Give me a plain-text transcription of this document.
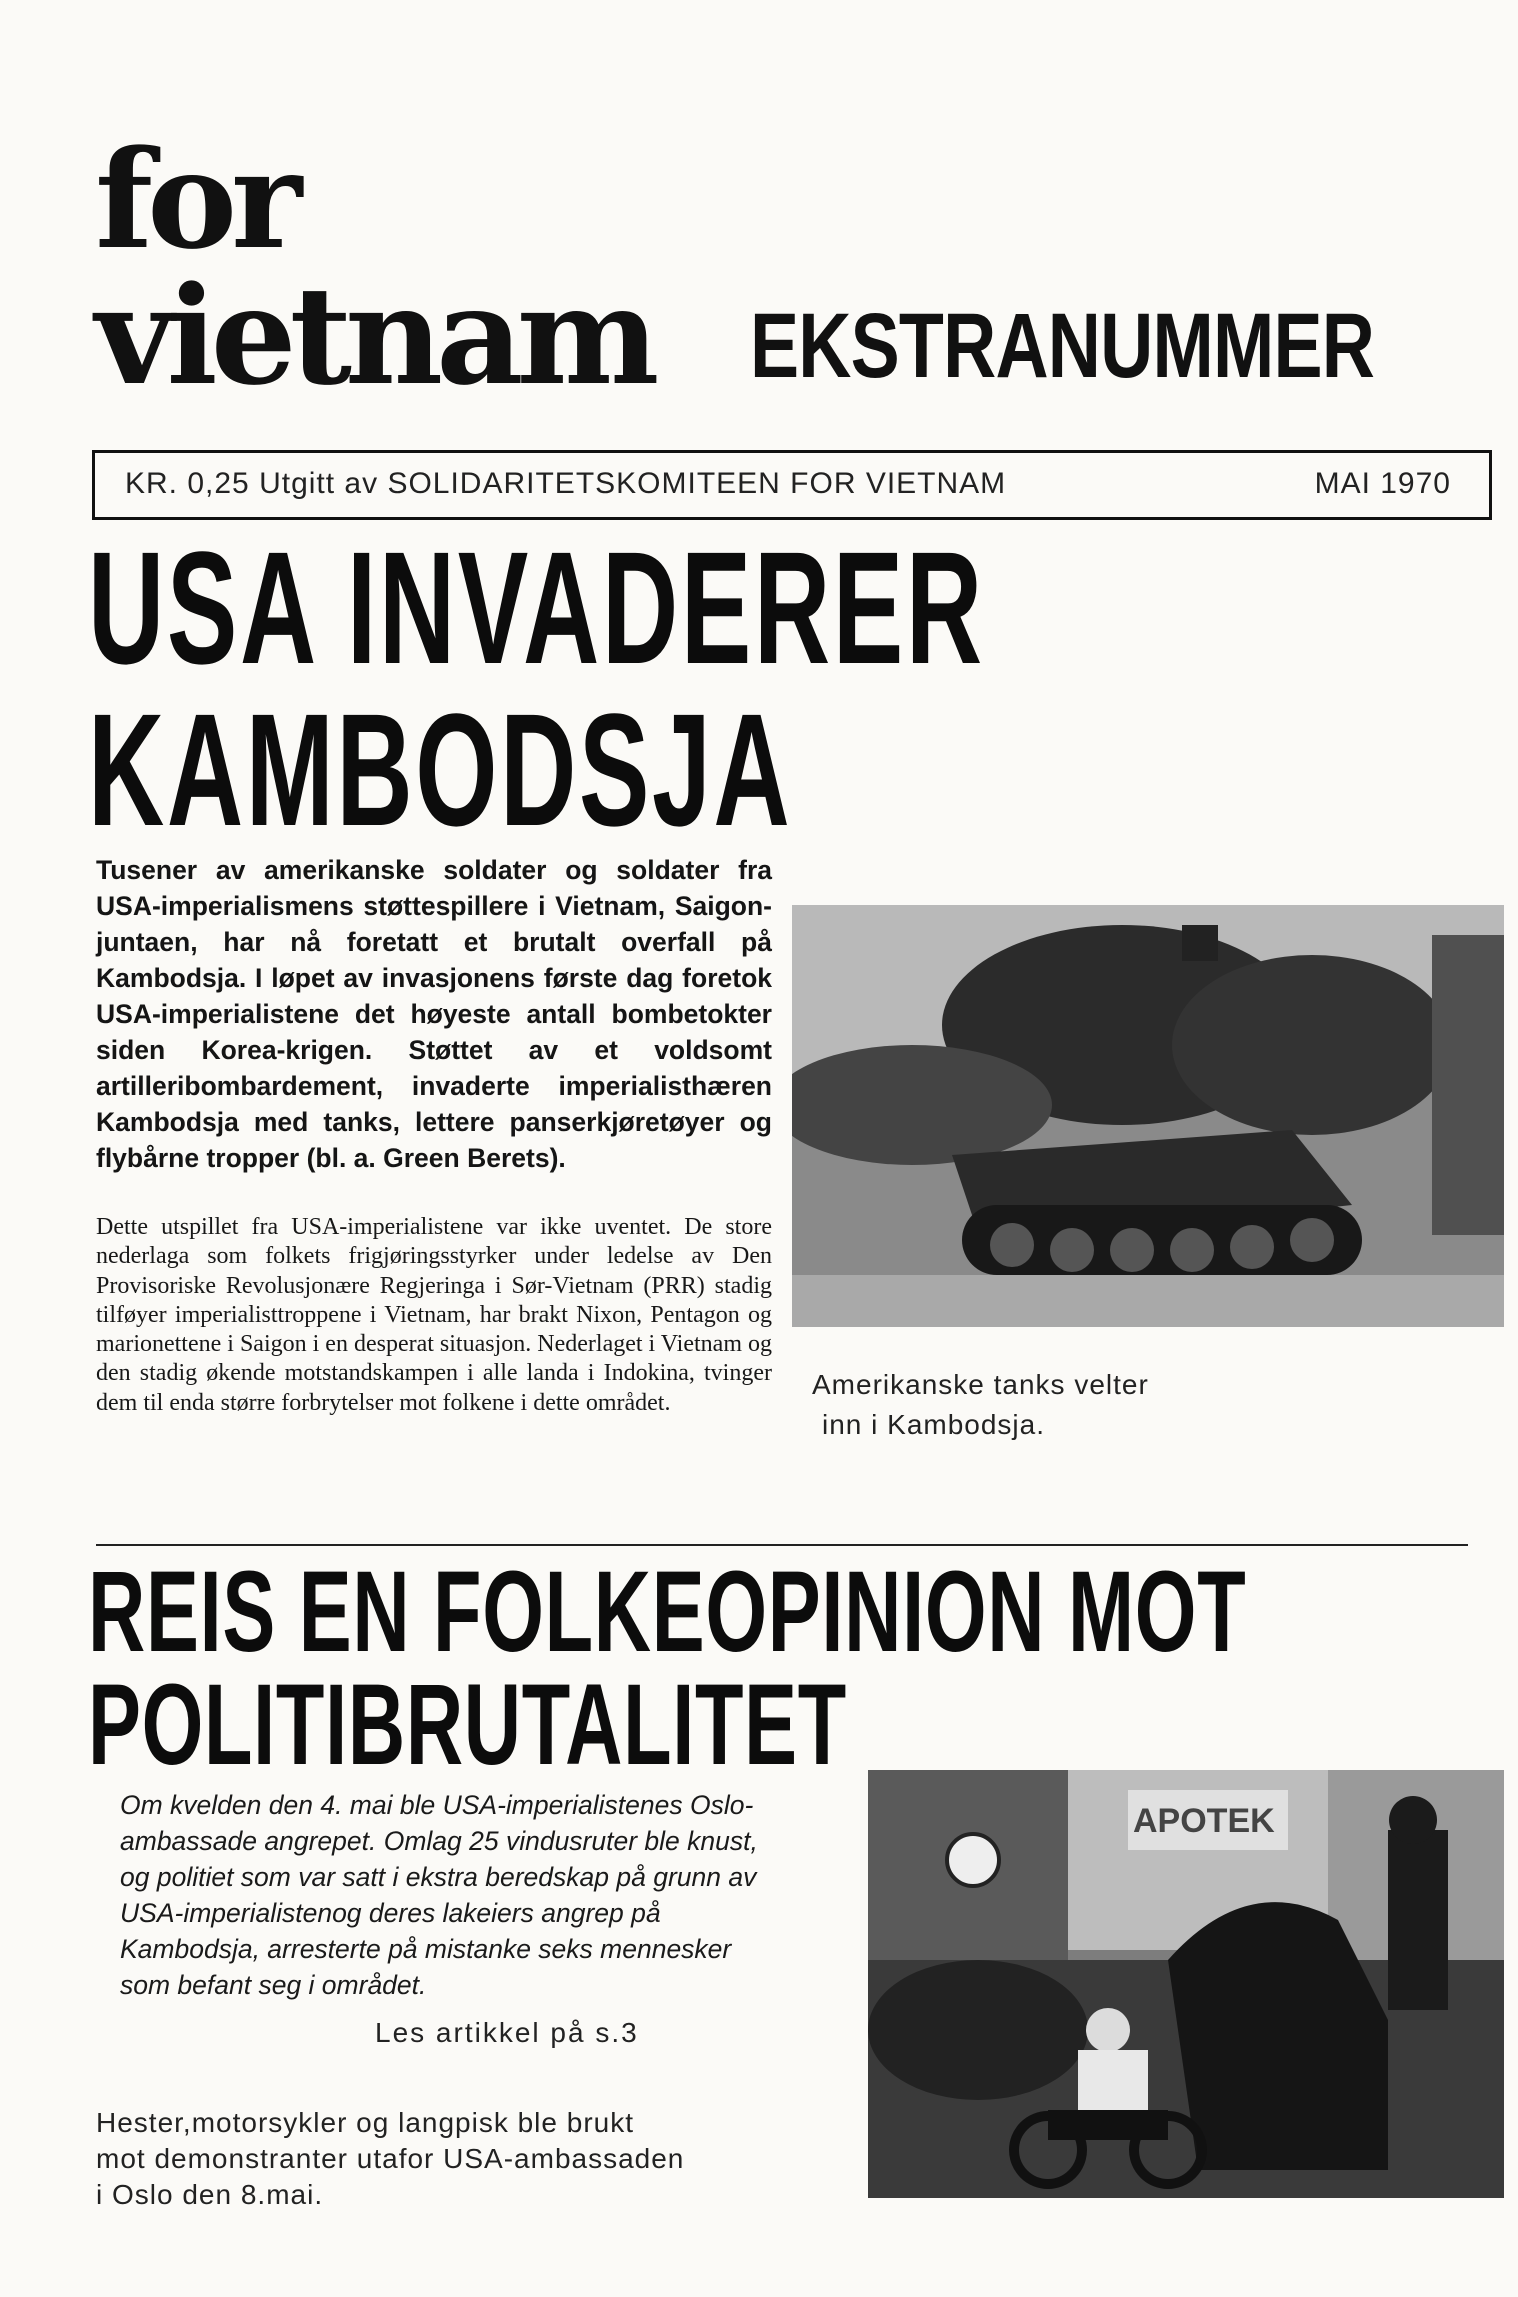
for
vietnam EKSTRANUMMER
KR. 0,25 Utgitt av SOLIDARITETSKOMITEEN FOR VIETNAM	MAI 1970
USA INVADERER
KAMBODSJA
Tusener av amerikanske soldater og soldater fra USA-imperialismens støttespillere i Vietnam, Saigon-juntaen, har nå foretatt et brutalt overfall på Kambodsja. I løpet av invasjonens første dag foretok USA-imperialistene det høyeste antall bombetokter siden Korea-krigen. Støttet av et voldsomt artilleribombardement, invaderte imperialisthæren Kambodsja med tanks, lettere panserkjøretøyer og flybårne tropper (bl. a. Green Berets).
Dette utspillet fra USA-imperialistene var ikke uventet. De store nederlaga som folkets frigjøringsstyrker under ledelse av Den Provisoriske Revolusjonære Regjeringa i Sør-Vietnam (PRR) stadig tilføyer imperialisttroppene i Vietnam, har brakt Nixon, Pentagon og marionettene i Saigon i en desperat situasjon. Nederlaget i Vietnam og den stadig økende motstandskampen i alle landa i Indokina, tvinger dem til enda større forbrytelser mot folkene i dette området.
Amerikanske tanks velter
inn i Kambodsja.
REIS EN FOLKEOPINION MOT
POLITIBRUTALITET
Om kvelden den 4. mai ble USA-imperialistenes Oslo-ambassade angrepet. Omlag 25 vindusruter ble knust, og politiet som var satt i ekstra beredskap på grunn av USA-imperialistenog deres lakeiers angrep på Kambodsja, arresterte på mistanke seks mennesker som befant seg i området.
Les artikkel på s.3
APOTEK
Hester,motorsykler og langpisk ble brukt
mot demonstranter utafor USA-ambassaden
i Oslo den 8.mai.
